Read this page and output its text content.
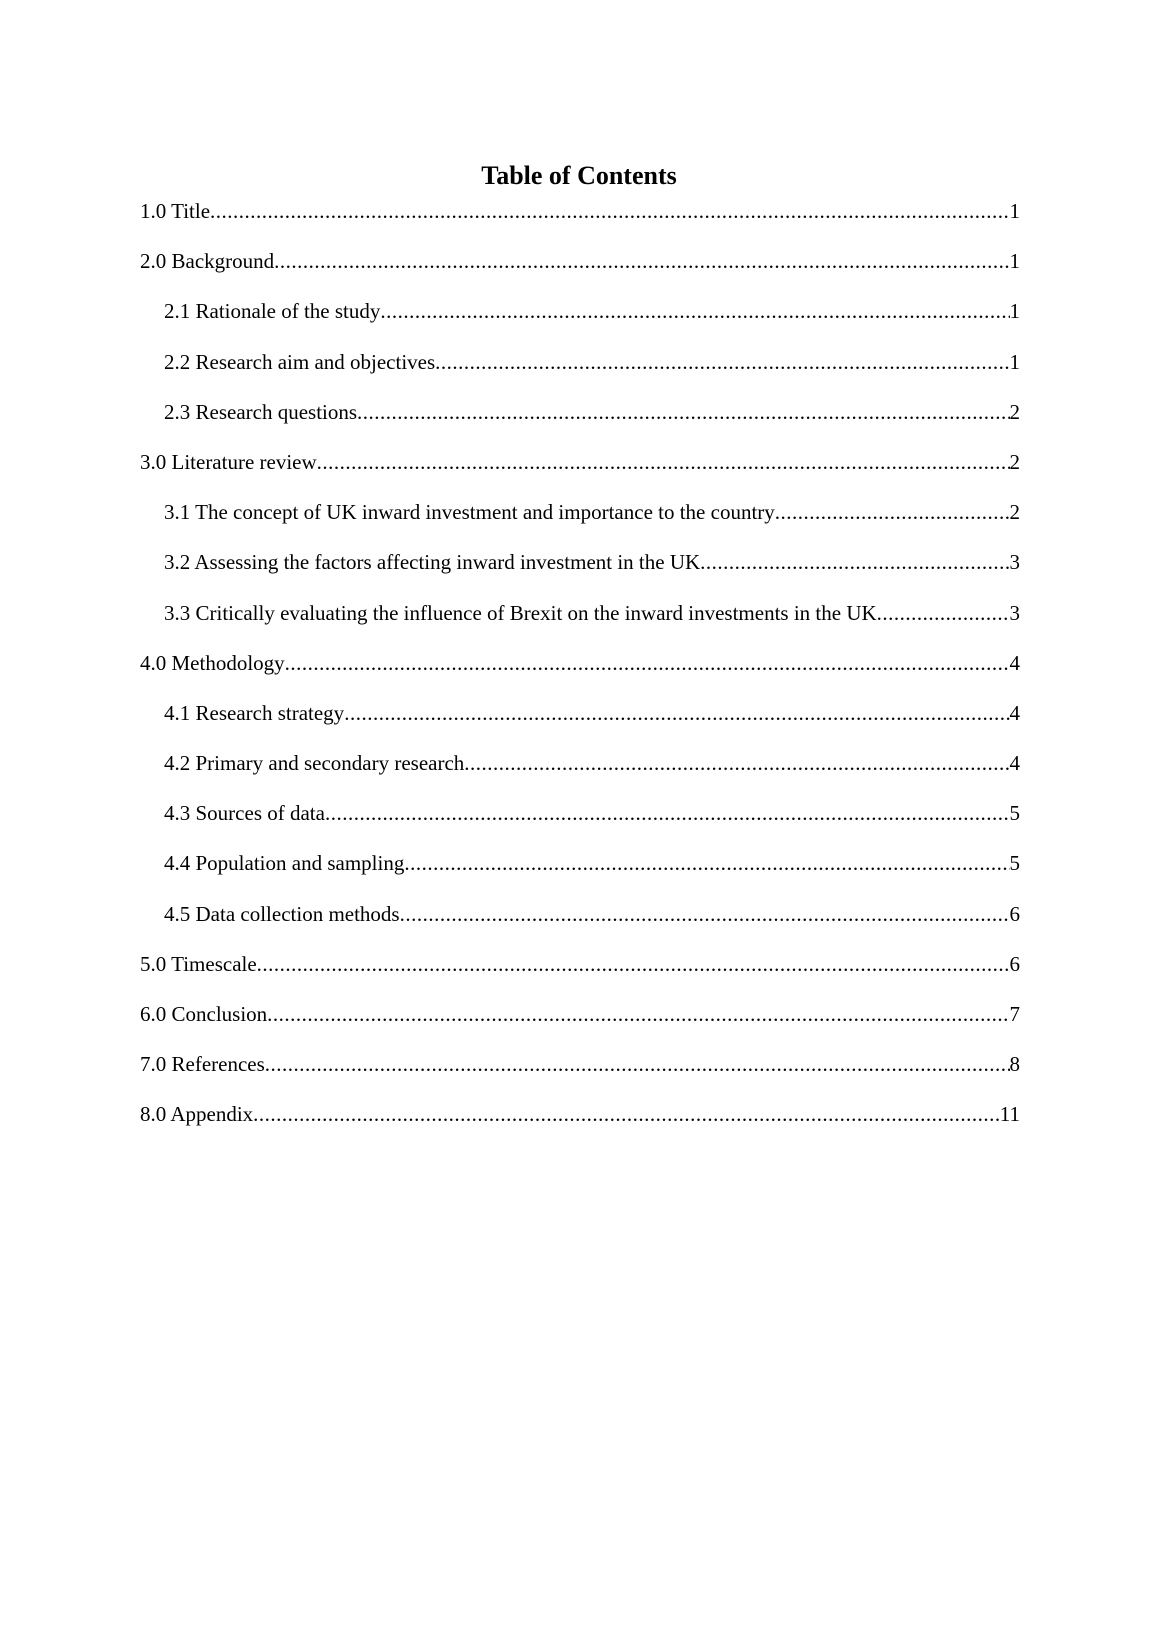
Table of Contents
1.0 Title .....	1
2.0 Background .....	1
2.1 Rationale of the study .....	1
2.2 Research aim and objectives .....	1
2.3 Research questions .....	2
3.0 Literature review .....	2
3.1 The concept of UK inward investment and importance to the country .....	2
3.2 Assessing the factors affecting inward investment in the UK .....	3
3.3 Critically evaluating the influence of Brexit on the inward investments in the UK .....	3
4.0 Methodology .....	4
4.1 Research strategy .....	4
4.2 Primary and secondary research .....	4
4.3 Sources of data .....	5
4.4 Population and sampling .....	5
4.5 Data collection methods .....	6
5.0 Timescale .....	6
6.0 Conclusion .....	7
7.0 References .....	8
8.0 Appendix .....	11
